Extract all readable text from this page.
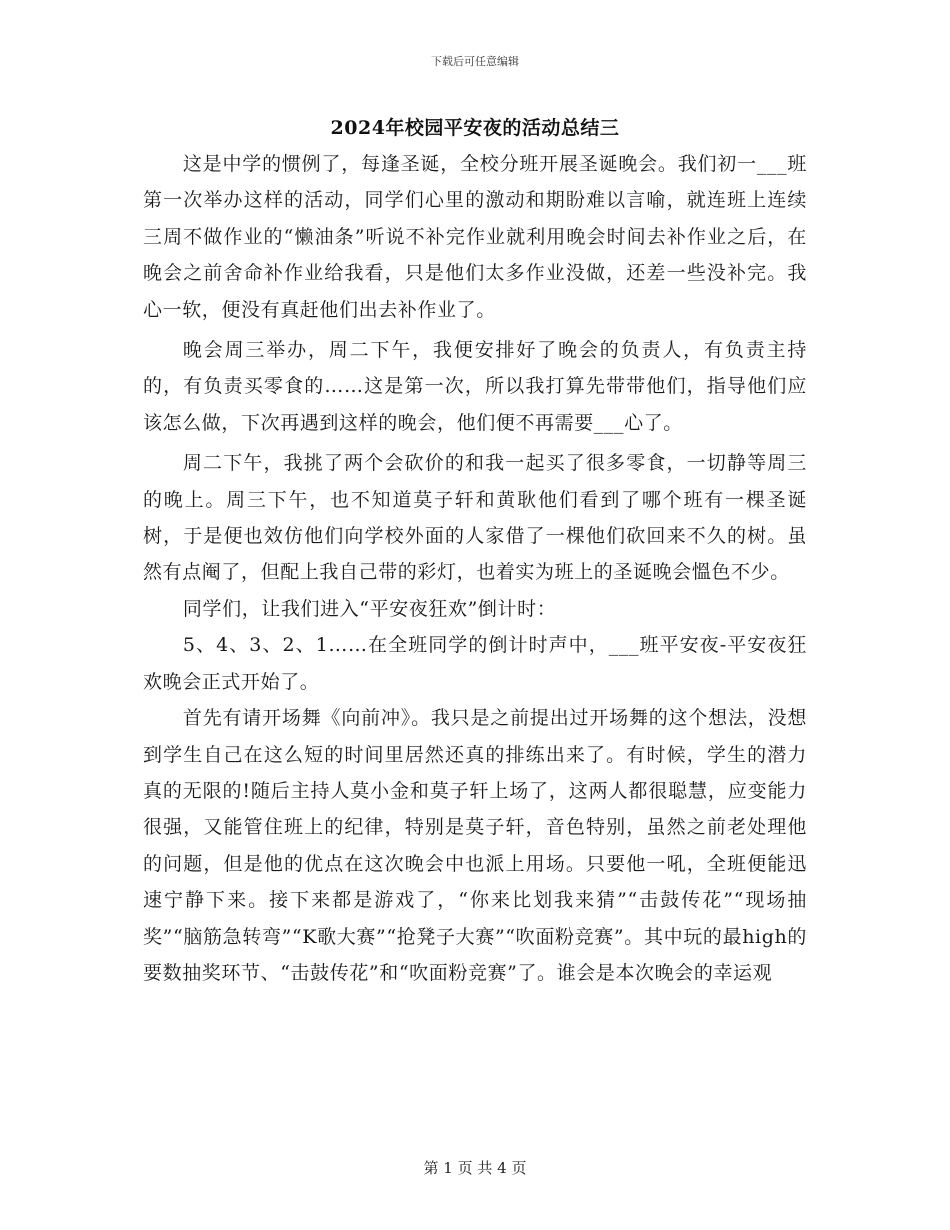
下载后可任意编辑
2024年校园平安夜的活动总结三

这是中学的惯例了，每逢圣诞，全校分班开展圣诞晚会。我们初一___班第一次举办这样的活动，同学们心里的激动和期盼难以言喻，就连班上连续三周不做作业的“懒油条”听说不补完作业就利用晚会时间去补作业之后，在晚会之前舍命补作业给我看，只是他们太多作业没做，还差一些没补完。我心一软，便没有真赶他们出去补作业了。

晚会周三举办，周二下午，我便安排好了晚会的负责人，有负责主持的，有负责买零食的……这是第一次，所以我打算先带带他们，指导他们应该怎么做，下次再遇到这样的晚会，他们便不再需要___心了。

周二下午，我挑了两个会砍价的和我一起买了很多零食，一切静等周三的晚上。周三下午，也不知道莫子轩和黄耿他们看到了哪个班有一棵圣诞树，于是便也效仿他们向学校外面的人家借了一棵他们砍回来不久的树。虽然有点阉了，但配上我自己带的彩灯，也着实为班上的圣诞晚会慍色不少。

同学们，让我们进入“平安夜狂欢”倒计时：

5、4、3、2、1……在全班同学的倒计时声中，___班平安夜-平安夜狂欢晚会正式开始了。

首先有请开场舞《向前冲》。我只是之前提出过开场舞的这个想法，没想到学生自己在这么短的时间里居然还真的排练出来了。有时候，学生的潜力真的无限的!随后主持人莫小金和莫子轩上场了，这两人都很聪慧，应变能力很强，又能管住班上的纪律，特别是莫子轩，音色特别，虽然之前老处理他的问题，但是他的优点在这次晚会中也派上用场。只要他一吼，全班便能迅速宁静下来。接下来都是游戏了，“你来比划我来猜”“击鼓传花”“现场抽奖”“脑筋急转弯”“K歌大赛”“抢凳子大赛”“吹面粉竞赛”。其中玩的最high的要数抽奖环节、“击鼓传花”和“吹面粉竞赛”了。谁会是本次晚会的幸运观

第 1 页 共 4 页
